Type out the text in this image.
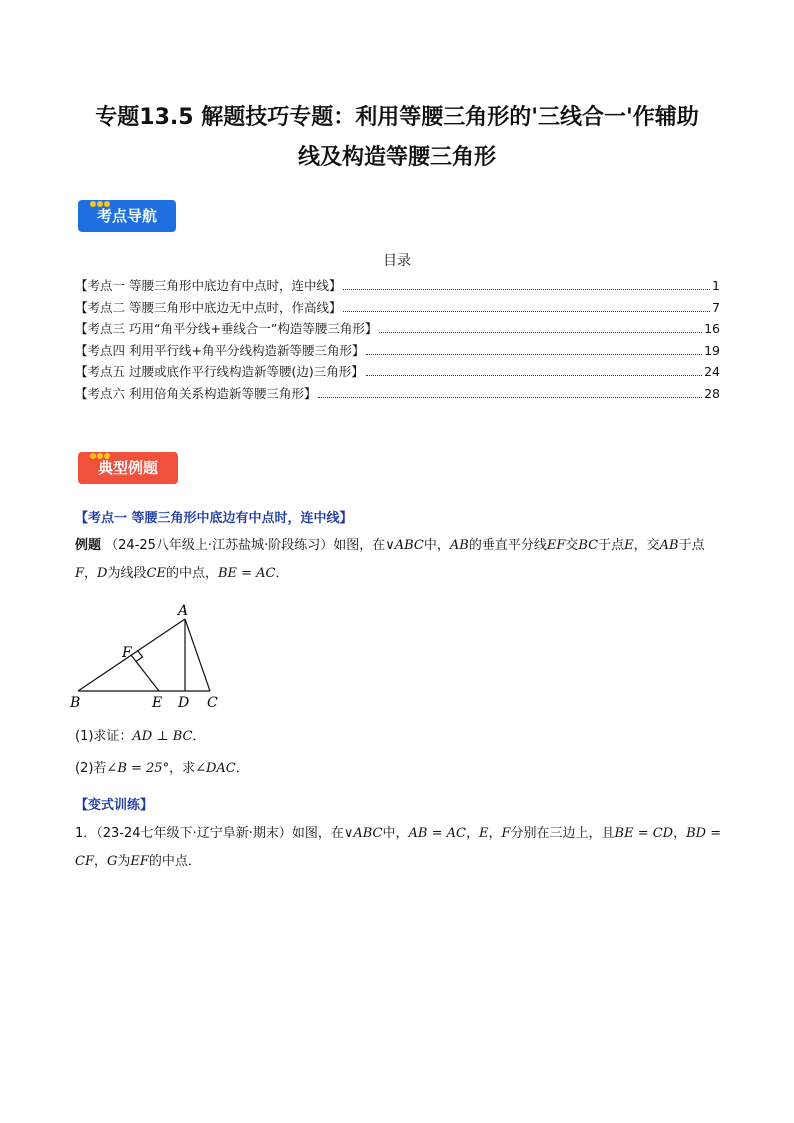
专题13.5 解题技巧专题：利用等腰三角形的'三线合一'作辅助
线及构造等腰三角形
考点导航
目录
【考点一 等腰三角形中底边有中点时，连中线】	1
【考点二 等腰三角形中底边无中点时，作高线】	7
【考点三 巧用“角平分线+垂线合一”构造等腰三角形】	16
【考点四 利用平行线+角平分线构造新等腰三角形】	19
【考点五 过腰或底作平行线构造新等腰(边)三角形】	24
【考点六 利用倍角关系构造新等腰三角形】	28
典型例题
【考点一 等腰三角形中底边有中点时，连中线】
例题 （24-25八年级上·江苏盐城·阶段练习）如图，在∨ABC中，AB的垂直平分线EF交BC于点E，交AB于点F，D为线段CE的中点，BE = AC．
A
B	C
D
E
F
(1)求证：AD ⊥ BC．
(2)若∠B = 25°，求∠DAC．
【变式训练】
1．（23-24七年级下·辽宁阜新·期末）如图，在∨ABC中，AB = AC，E，F分别在三边上，且BE = CD，BD = CF，G为EF的中点．
